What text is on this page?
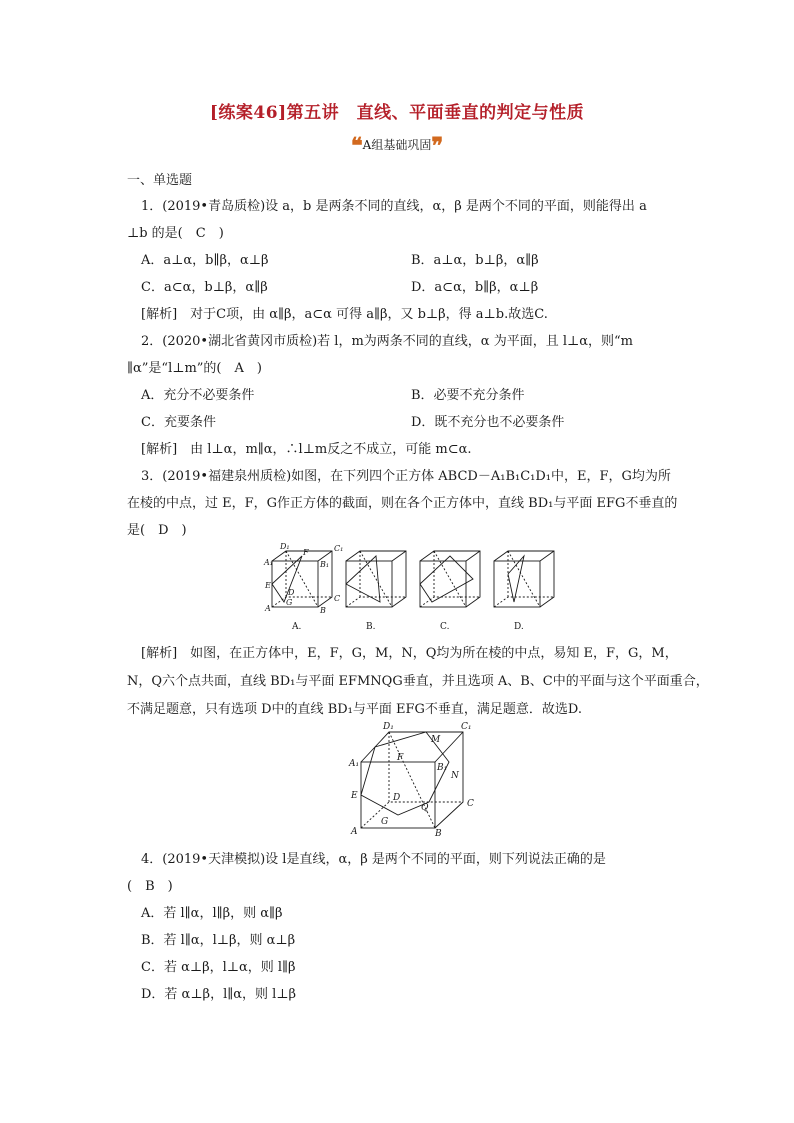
[练案46]第五讲　直线、平面垂直的判定与性质
❝A组基础巩固❞
一、单选题
1．(2019•青岛质检)设 a，b 是两条不同的直线，α，β 是两个不同的平面，则能得出 a
⊥b 的是(　C　)
A．a⊥α，b∥β，α⊥β	B．a⊥α，b⊥β，α∥β
C．a⊂α，b⊥β，α∥β	D．a⊂α，b∥β，α⊥β
[解析]　对于C项，由 α∥β，a⊂α 可得 a∥β，又 b⊥β，得 a⊥b.故选C.
2．(2020•湖北省黄冈市质检)若 l，m为两条不同的直线，α 为平面，且 l⊥α，则“m
∥α”是“l⊥m”的(　A　)
A．充分不必要条件	B．必要不充分条件
C．充要条件	D．既不充分也不必要条件
[解析]　由 l⊥α，m∥α，∴l⊥m反之不成立，可能 m⊂α.
3．(2019•福建泉州质检)如图，在下列四个正方体 ABCD－A₁B₁C₁D₁中，E，F，G均为所
在棱的中点，过 E，F，G作正方体的截面，则在各个正方体中，直线 BD₁与平面 EFG不垂直的
是(　D　)
D₁	C₁
A₁	B₁
E
F
G
D
C
A	B
A.	B.	C.	D.
[解析]　如图，在正方体中，E，F，G，M，N，Q均为所在棱的中点，易知 E，F，G，M，
N，Q六个点共面，直线 BD₁与平面 EFMNQG垂直，并且选项 A、B、C中的平面与这个平面重合，
不满足题意，只有选项 D中的直线 BD₁与平面 EFG不垂直，满足题意．故选D.
D₁	C₁
A₁	B₁
E
F
M
N
Q
D
C
G
A	B
4．(2019•天津模拟)设 l是直线，α，β 是两个不同的平面，则下列说法正确的是
(　B　)
A．若 l∥α，l∥β，则 α∥β
B．若 l∥α，l⊥β，则 α⊥β
C．若 α⊥β，l⊥α，则 l∥β
D．若 α⊥β，l∥α，则 l⊥β
